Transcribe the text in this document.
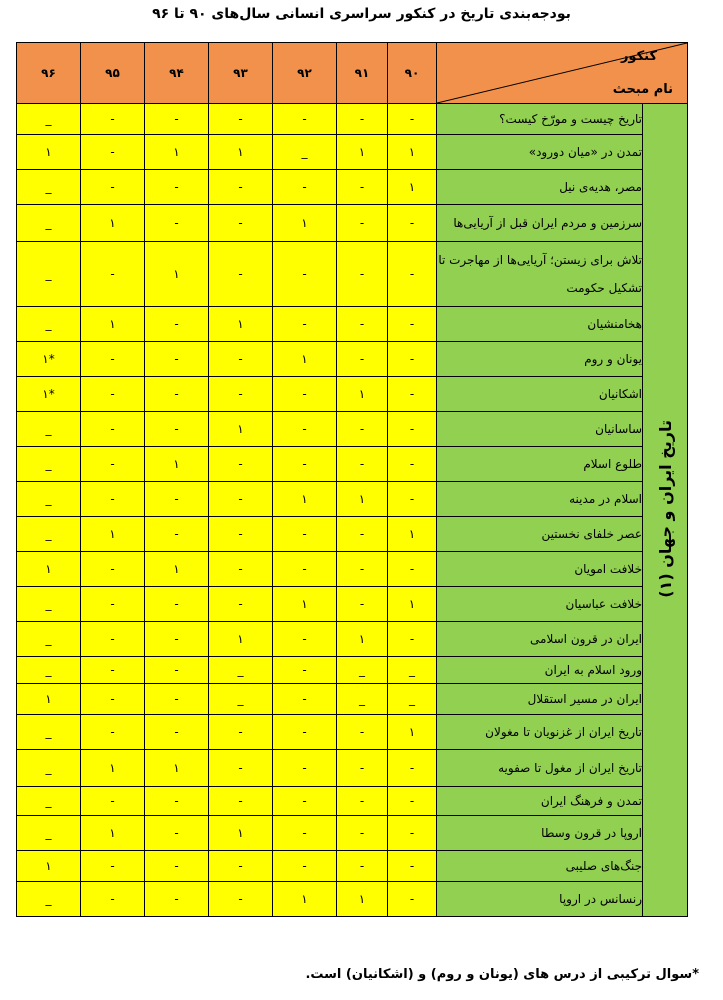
بودجه‌بندی تاریخ در کنکور سراسری انسانی سال‌های ۹۰ تا ۹۶
۹۶	۹۵	۹۴	۹۳	۹۲	۹۱	۹۰	کنکور
نام مبحث	

_	-	-	-	-	-	-	تاریخ چیست و مورّخ کیست؟	تاریخ ایران و جهان (۱)
۱	-	۱	۱	_	۱	۱	تمدن در «میان دورود»	
_	-	-	-	-	-	۱	مصر، هدیه‌ی نیل	
_	۱	-	-	۱	-	-	سرزمین و مردم ایران قبل از آریایی‌ها	
_	-	۱	-	-	-	-	تلاش برای زیستن؛ آریایی‌ها از مهاجرت تا تشکیل حکومت	
_	۱	-	۱	-	-	-	هخامنشیان	
۱*	-	-	-	۱	-	-	یونان و روم	
۱*	-	-	-	-	۱	-	اشکانیان	
_	-	-	۱	-	-	-	ساسانیان	
_	-	۱	-	-	-	-	طلوع اسلام	
_	-	-	-	۱	۱	-	اسلام در مدینه	
_	۱	-	-	-	-	۱	عصر خلفای نخستین	
۱	-	۱	-	-	-	-	خلافت امویان	
_	-	-	-	۱	-	۱	خلافت عباسیان	
_	-	-	۱	-	۱	-	ایران در قرون اسلامی	
_	-	-	_	-	_	_	ورود اسلام به ایران	
۱	-	-	_	-	_	_	ایران در مسیر استقلال	
_	-	-	-	-	-	۱	تاریخ ایران از غزنویان تا مغولان	
_	۱	۱	-	-	-	-	تاریخ ایران از مغول تا صفویه	
_	-	-	-	-	-	-	تمدن و فرهنگ ایران	
_	۱	-	۱	-	-	-	اروپا در قرون وسطا	
۱	-	-	-	-	-	-	جنگ‌های صلیبی	
_	-	-	-	۱	۱	-	رنسانس در اروپا	
*سوال ترکیبی از درس های (یونان و روم) و (اشکانیان) است.
